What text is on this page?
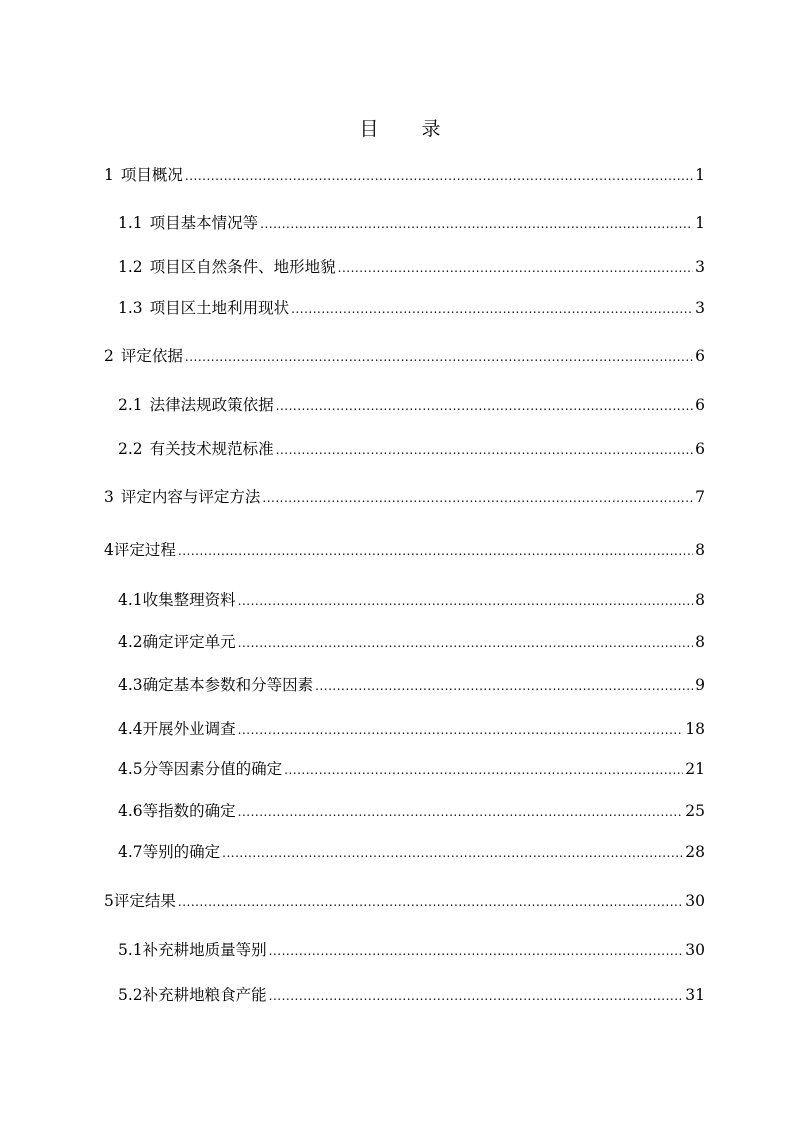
目　录
1 项目概况 .....	1
1.1 项目基本情况等 .....	1
1.2 项目区自然条件、地形地貌 .....	3
1.3 项目区土地利用现状 .....	3
2 评定依据 .....	6
2.1 法律法规政策依据 .....	6
2.2 有关技术规范标准 .....	6
3 评定内容与评定方法 .....	7
4评定过程 .....	8
4.1收集整理资料 .....	8
4.2确定评定单元 .....	8
4.3确定基本参数和分等因素 .....	9
4.4开展外业调查 .....	18
4.5分等因素分值的确定 .....	21
4.6等指数的确定 .....	25
4.7等别的确定 .....	28
5评定结果 .....	30
5.1补充耕地质量等别 .....	30
5.2补充耕地粮食产能 .....	31
